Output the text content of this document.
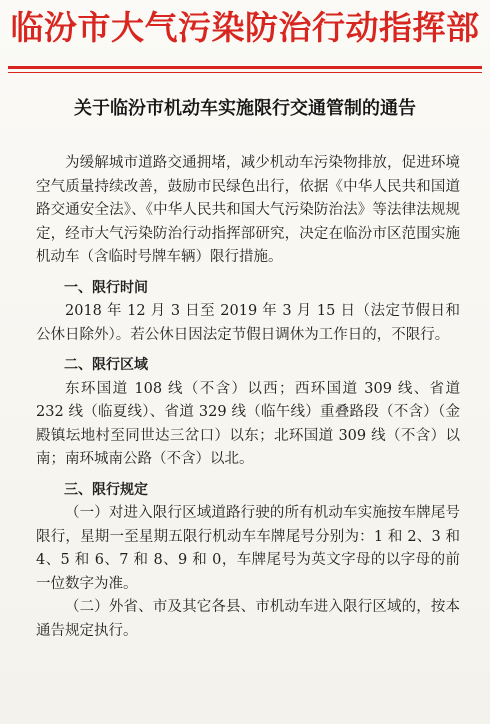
临汾市大气污染防治行动指挥部
关于临汾市机动车实施限行交通管制的通告

为缓解城市道路交通拥堵，减少机动车污染物排放，促进环境空气质量持续改善，鼓励市民绿色出行，依据《中华人民共和国道路交通安全法》、《中华人民共和国大气污染防治法》等法律法规规定，经市大气污染防治行动指挥部研究，决定在临汾市区范围实施机动车（含临时号牌车辆）限行措施。

一、限行时间

2018 年 12 月 3 日至 2019 年 3 月 15 日（法定节假日和公休日除外）。若公休日因法定节假日调休为工作日的，不限行。

二、限行区域

东环国道 108 线（不含）以西；西环国道 309 线、省道 232 线（临夏线）、省道 329 线（临午线）重叠路段（不含）（金殿镇坛地村至同世达三岔口）以东；北环国道 309 线（不含）以南；南环城南公路（不含）以北。

三、限行规定

（一）对进入限行区域道路行驶的所有机动车实施按车牌尾号限行，星期一至星期五限行机动车车牌尾号分别为：1 和 2、3 和 4、5 和 6、7 和 8、9 和 0，车牌尾号为英文字母的以字母的前一位数字为准。

（二）外省、市及其它各县、市机动车进入限行区域的，按本通告规定执行。
